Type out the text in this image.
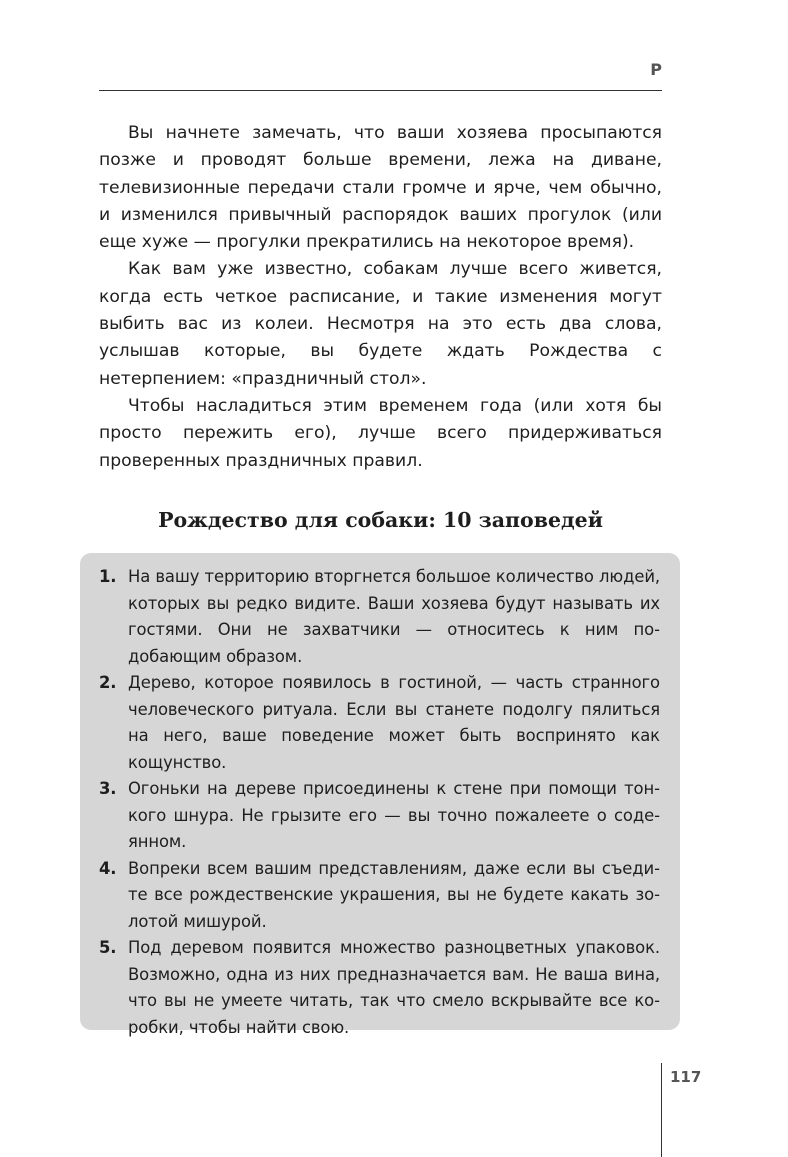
Р

Вы начнете замечать, что ваши хозяева просыпаются позже и проводят больше времени, лежа на диване, телевизионные передачи стали громче и ярче, чем обычно, и изменился привычный распорядок ваших прогулок (или еще хуже — прогулки прекратились на некоторое время).

Как вам уже известно, собакам лучше всего живется, когда есть четкое расписание, и такие изменения могут выбить вас из колеи. Несмотря на это есть два слова, услышав которые, вы будете ждать Рождества с нетерпением: «праздничный стол».

Чтобы насладиться этим временем года (или хотя бы просто пережить его), лучше всего придерживаться проверенных праздничных правил.

Рождество для собаки: 10 заповедей
1. На вашу территорию вторгнется большое количество людей, которых вы редко видите. Ваши хозяева будут называть их гостями. Они не захватчики — относитесь к ним подобающим образом.
2. Дерево, которое появилось в гостиной, — часть странного человеческого ритуала. Если вы станете подолгу пялиться на него, ваше поведение может быть воспринято как кощунство.
3. Огоньки на дереве присоединены к стене при помощи тонкого шнура. Не грызите его — вы точно пожалеете о содеянном.
4. Вопреки всем вашим представлениям, даже если вы съедите все рождественские украшения, вы не будете какать золотой мишурой.
5. Под деревом появится множество разноцветных упаковок. Возможно, одна из них предназначается вам. Не ваша вина, что вы не умеете читать, так что смело вскрывайте все коробки, чтобы найти свою.
117
